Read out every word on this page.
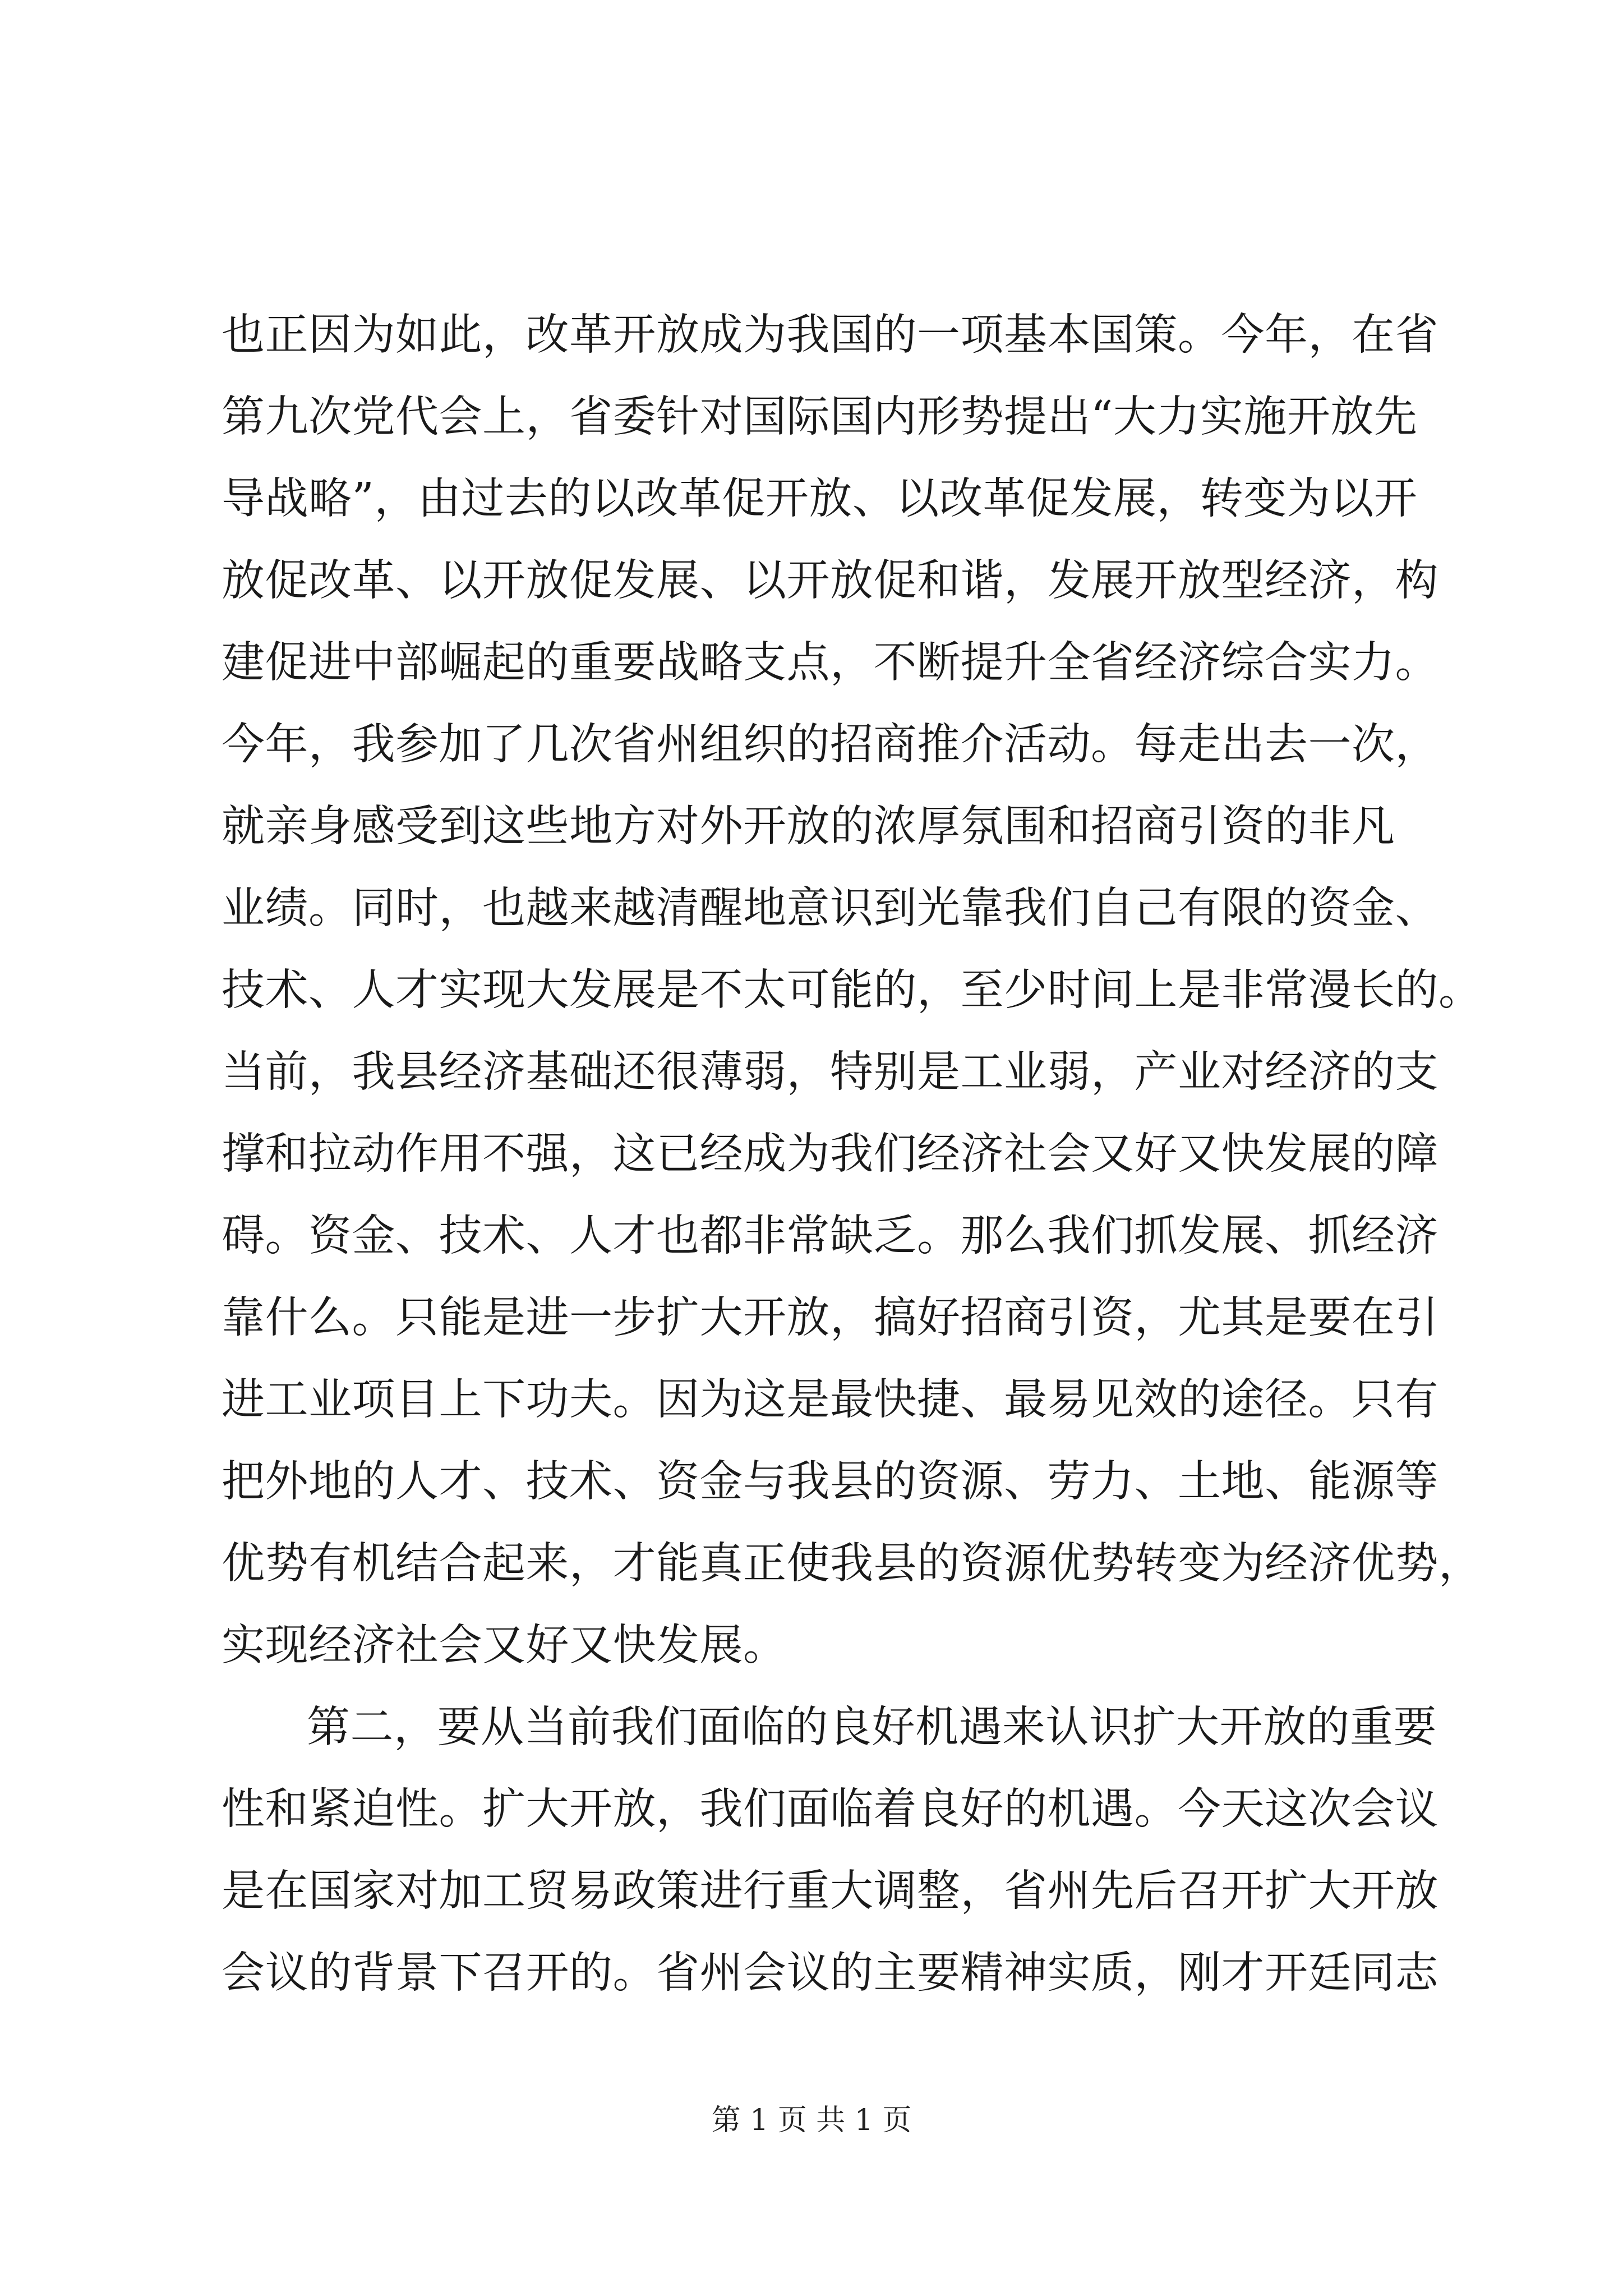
也正因为如此，改革开放成为我国的一项基本国策。今年，在省
第九次党代会上，省委针对国际国内形势提出“大力实施开放先
导战略”，由过去的以改革促开放、以改革促发展，转变为以开
放促改革、以开放促发展、以开放促和谐，发展开放型经济，构
建促进中部崛起的重要战略支点，不断提升全省经济综合实力。
今年，我参加了几次省州组织的招商推介活动。每走出去一次，
就亲身感受到这些地方对外开放的浓厚氛围和招商引资的非凡
业绩。同时，也越来越清醒地意识到光靠我们自己有限的资金、
技术、人才实现大发展是不太可能的，至少时间上是非常漫长的。
当前，我县经济基础还很薄弱，特别是工业弱，产业对经济的支
撑和拉动作用不强，这已经成为我们经济社会又好又快发展的障
碍。资金、技术、人才也都非常缺乏。那么我们抓发展、抓经济
靠什么。只能是进一步扩大开放，搞好招商引资，尤其是要在引
进工业项目上下功夫。因为这是最快捷、最易见效的途径。只有
把外地的人才、技术、资金与我县的资源、劳力、土地、能源等
优势有机结合起来，才能真正使我县的资源优势转变为经济优势，
实现经济社会又好又快发展。
第二，要从当前我们面临的良好机遇来认识扩大开放的重要
性和紧迫性。扩大开放，我们面临着良好的机遇。今天这次会议
是在国家对加工贸易政策进行重大调整，省州先后召开扩大开放
会议的背景下召开的。省州会议的主要精神实质，刚才开廷同志
第 1 页 共 1 页
